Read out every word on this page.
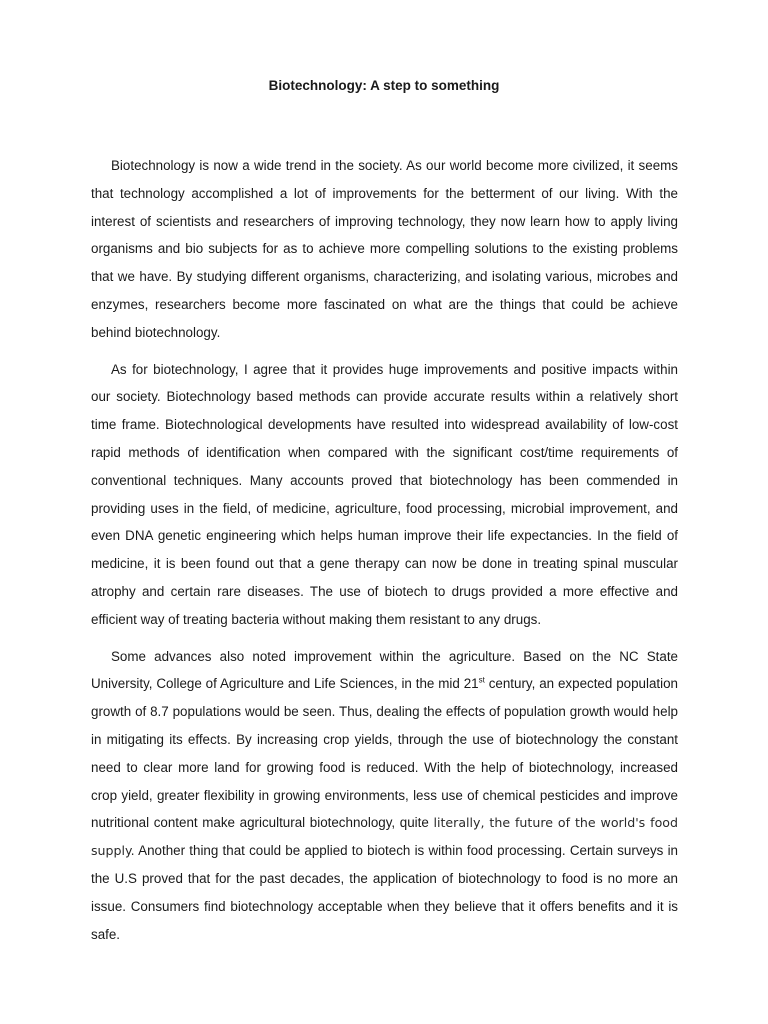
Biotechnology: A step to something

Biotechnology is now a wide trend in the society. As our world become more civilized, it seems that technology accomplished a lot of improvements for the betterment of our living. With the interest of scientists and researchers of improving technology, they now learn how to apply living organisms and bio subjects for as to achieve more compelling solutions to the existing problems that we have. By studying different organisms, characterizing, and isolating various, microbes and enzymes, researchers become more fascinated on what are the things that could be achieve behind biotechnology.

As for biotechnology, I agree that it provides huge improvements and positive impacts within our society. Biotechnology based methods can provide accurate results within a relatively short time frame. Biotechnological developments have resulted into widespread availability of low-cost rapid methods of identification when compared with the significant cost/time requirements of conventional techniques. Many accounts proved that biotechnology has been commended in providing uses in the field, of medicine, agriculture, food processing, microbial improvement, and even DNA genetic engineering which helps human improve their life expectancies. In the field of medicine, it is been found out that a gene therapy can now be done in treating spinal muscular atrophy and certain rare diseases. The use of biotech to drugs provided a more effective and efficient way of treating bacteria without making them resistant to any drugs.

Some advances also noted improvement within the agriculture. Based on the NC State University, College of Agriculture and Life Sciences, in the mid 21st century, an expected population growth of 8.7 populations would be seen. Thus, dealing the effects of population growth would help in mitigating its effects. By increasing crop yields, through the use of biotechnology the constant need to clear more land for growing food is reduced. With the help of biotechnology, increased crop yield, greater flexibility in growing environments, less use of chemical pesticides and improve nutritional content make agricultural biotechnology, quite literally, the future of the world's food supply. Another thing that could be applied to biotech is within food processing. Certain surveys in the U.S proved that for the past decades, the application of biotechnology to food is no more an issue. Consumers find biotechnology acceptable when they believe that it offers benefits and it is safe.
